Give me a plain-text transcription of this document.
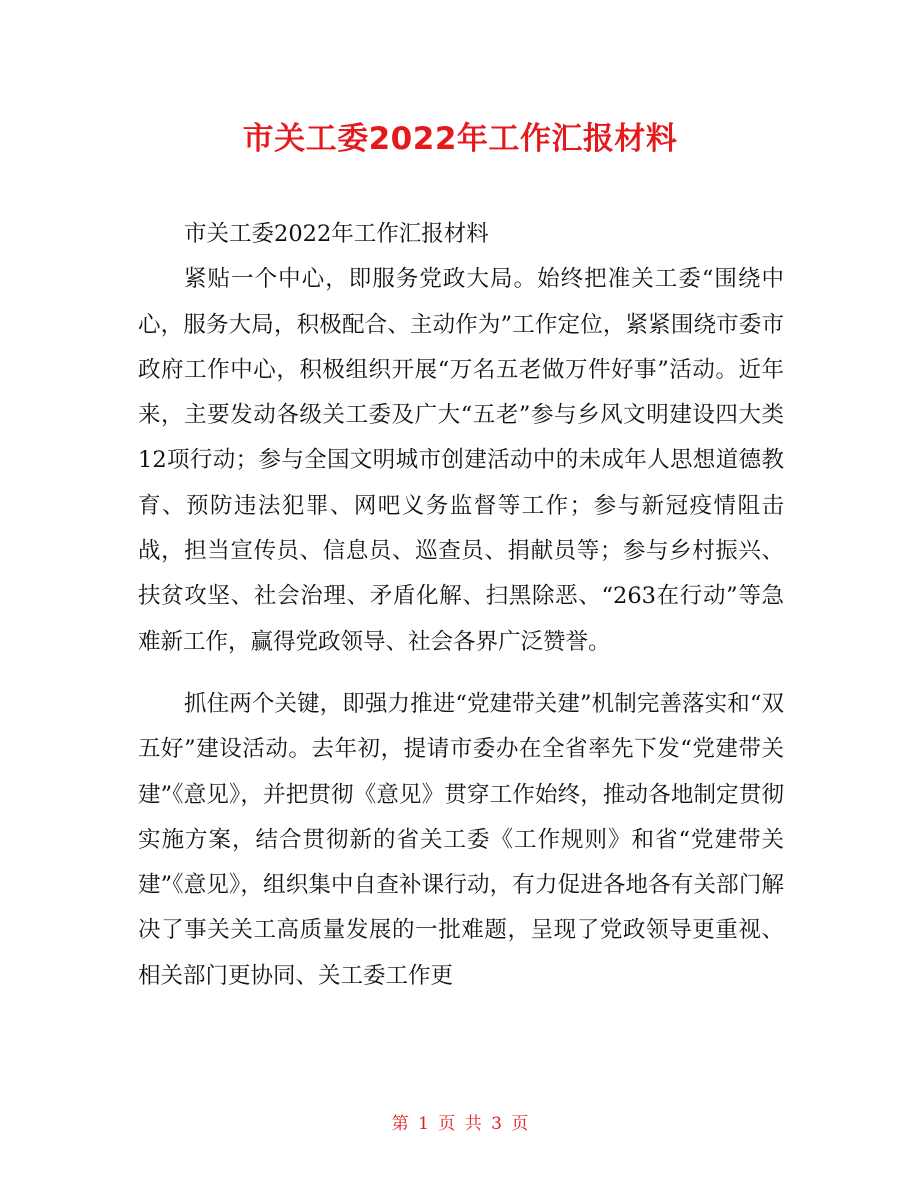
市关工委2022年工作汇报材料

市关工委2022年工作汇报材料

紧贴一个中心，即服务党政大局。始终把准关工委“围绕中心，服务大局，积极配合、主动作为”工作定位，紧紧围绕市委市政府工作中心，积极组织开展“万名五老做万件好事”活动。近年来，主要发动各级关工委及广大“五老”参与乡风文明建设四大类12项行动；参与全国文明城市创建活动中的未成年人思想道德教育、预防违法犯罪、网吧义务监督等工作；参与新冠疫情阻击战，担当宣传员、信息员、巡查员、捐献员等；参与乡村振兴、扶贫攻坚、社会治理、矛盾化解、扫黑除恶、“263在行动”等急难新工作，赢得党政领导、社会各界广泛赞誉。

抓住两个关键，即强力推进“党建带关建”机制完善落实和“双五好”建设活动。去年初，提请市委办在全省率先下发“党建带关建”《意见》，并把贯彻《意见》贯穿工作始终，推动各地制定贯彻实施方案，结合贯彻新的省关工委《工作规则》和省“党建带关建”《意见》，组织集中自查补课行动，有力促进各地各有关部门解决了事关关工高质量发展的一批难题，呈现了党政领导更重视、相关部门更协同、关工委工作更

第 1 页 共 3 页
